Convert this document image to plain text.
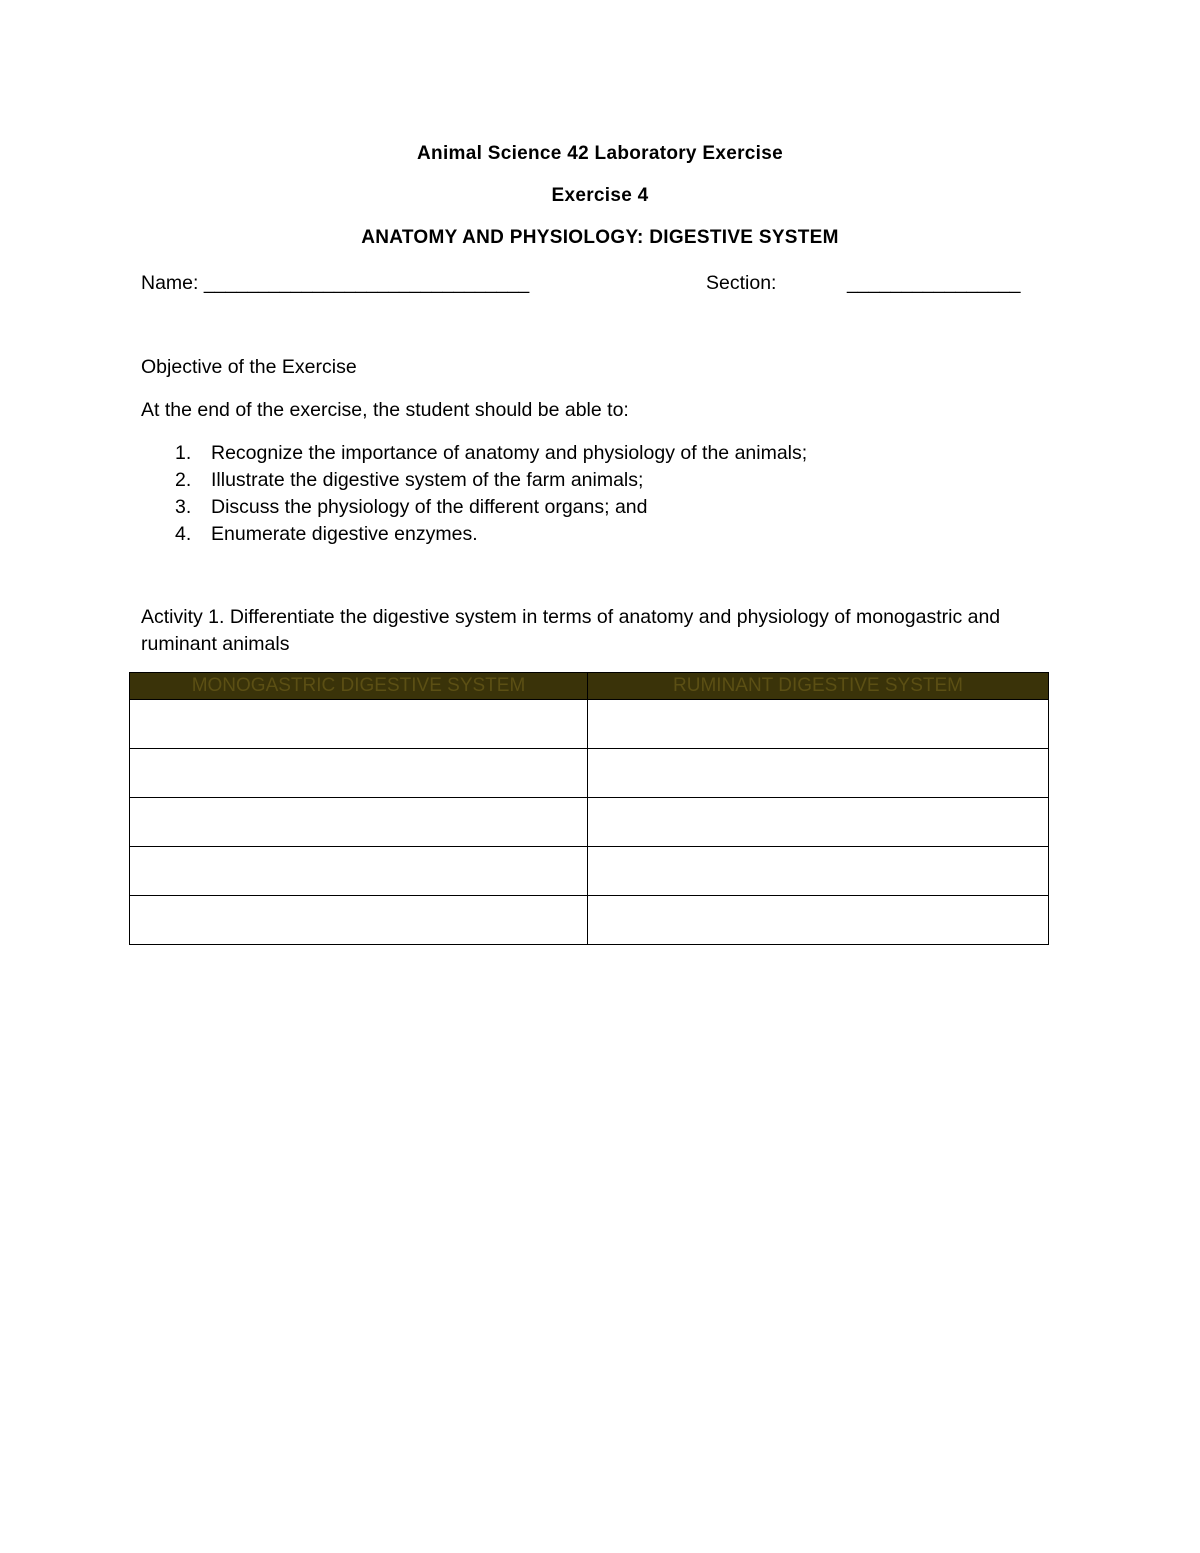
Animal Science 42 Laboratory Exercise
Exercise 4
ANATOMY AND PHYSIOLOGY: DIGESTIVE SYSTEM
Name: ______________________________	Section:	________________
Objective of the Exercise
At the end of the exercise, the student should be able to:
1. Recognize the importance of anatomy and physiology of the animals;
2. Illustrate the digestive system of the farm animals;
3. Discuss the physiology of the different organs; and
4. Enumerate digestive enzymes.
Activity 1. Differentiate the digestive system in terms of anatomy and physiology of monogastric and ruminant animals
MONOGASTRIC DIGESTIVE SYSTEM	RUMINANT DIGESTIVE SYSTEM
